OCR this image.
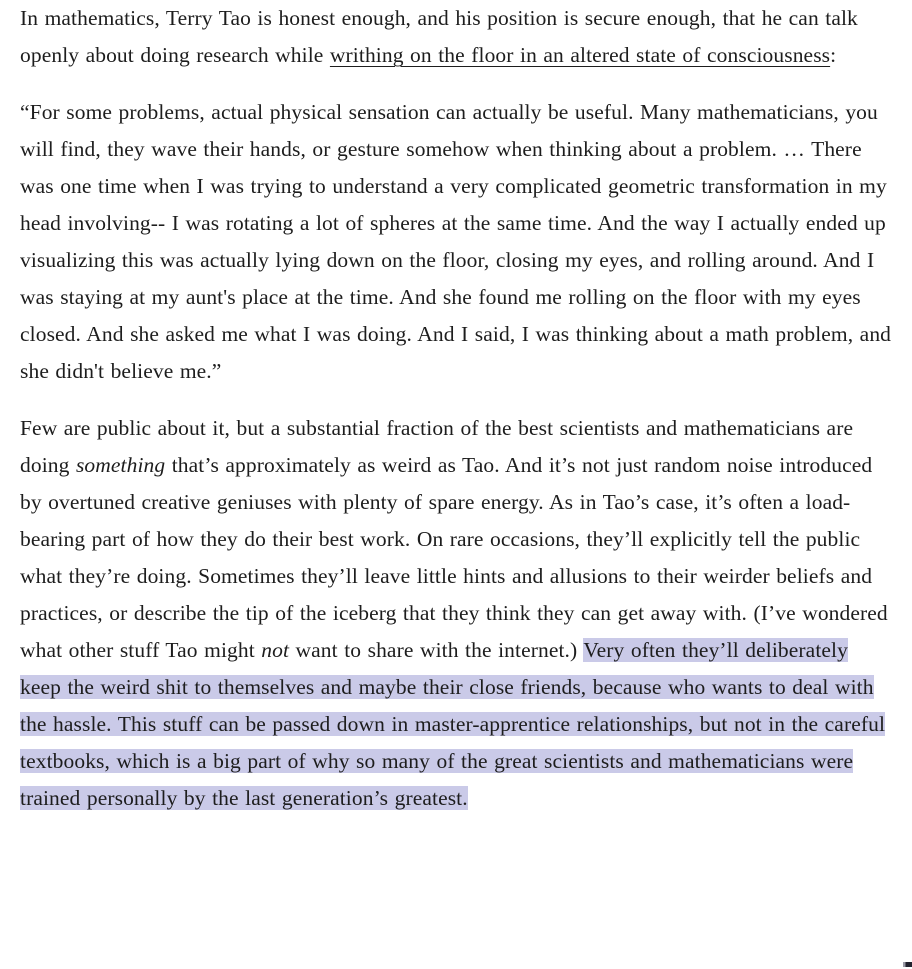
In mathematics, Terry Tao is honest enough, and his position is secure enough, that he can talk openly about doing research while writhing on the floor in an altered state of consciousness:

“For some problems, actual physical sensation can actually be useful. Many mathematicians, you will find, they wave their hands, or gesture somehow when thinking about a problem. … There was one time when I was trying to understand a very complicated geometric transformation in my head involving-- I was rotating a lot of spheres at the same time. And the way I actually ended up visualizing this was actually lying down on the floor, closing my eyes, and rolling around. And I was staying at my aunt's place at the time. And she found me rolling on the floor with my eyes closed. And she asked me what I was doing. And I said, I was thinking about a math problem, and she didn't believe me.”

Few are public about it, but a substantial fraction of the best scientists and mathematicians are doing something that’s approximately as weird as Tao. And it’s not just random noise introduced by overtuned creative geniuses with plenty of spare energy. As in Tao’s case, it’s often a load-bearing part of how they do their best work. On rare occasions, they’ll explicitly tell the public what they’re doing. Sometimes they’ll leave little hints and allusions to their weirder beliefs and practices, or describe the tip of the iceberg that they think they can get away with. (I’ve wondered what other stuff Tao might not want to share with the internet.) Very often they’ll deliberately keep the weird shit to themselves and maybe their close friends, because who wants to deal with the hassle. This stuff can be passed down in master-apprentice relationships, but not in the careful textbooks, which is a big part of why so many of the great scientists and mathematicians were trained personally by the last generation’s greatest.
